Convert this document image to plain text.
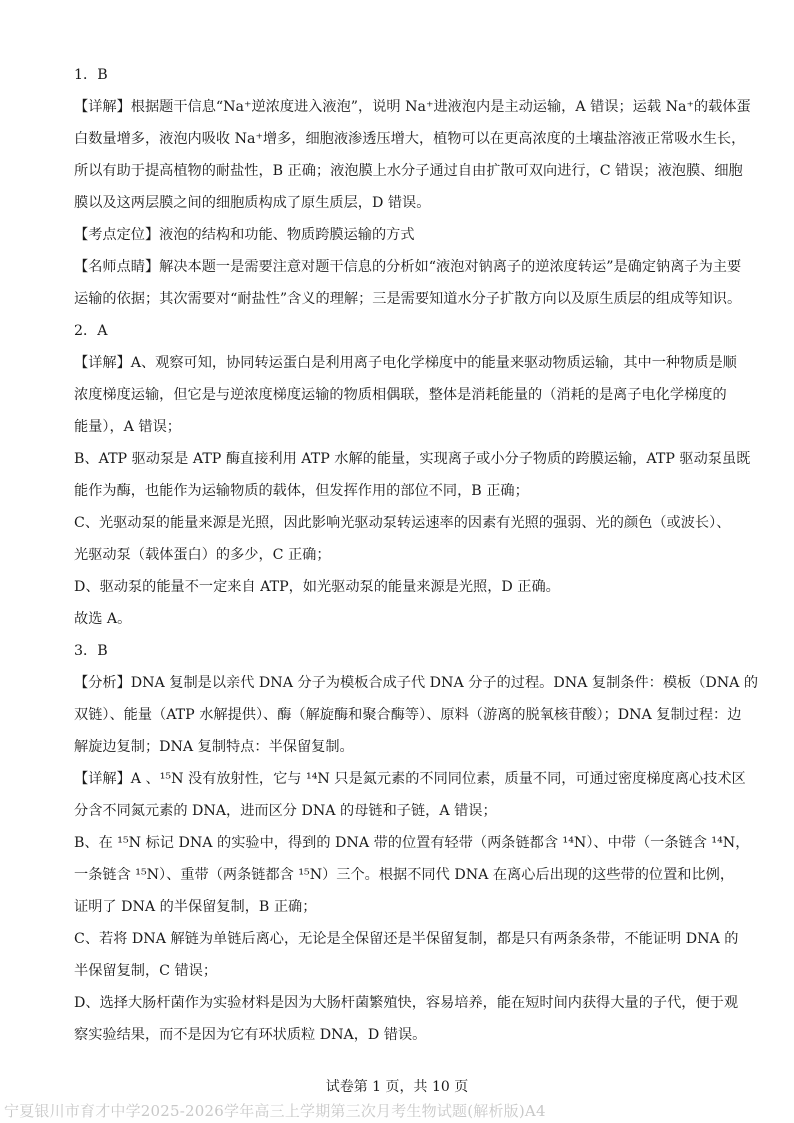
1．B

【详解】根据题干信息“Na⁺逆浓度进入液泡”，说明 Na⁺进液泡内是主动运输，A 错误；运载 Na⁺的载体蛋

白数量增多，液泡内吸收 Na⁺增多，细胞液渗透压增大，植物可以在更高浓度的土壤盐溶液正常吸水生长，

所以有助于提高植物的耐盐性，B 正确；液泡膜上水分子通过自由扩散可双向进行，C 错误；液泡膜、细胞

膜以及这两层膜之间的细胞质构成了原生质层，D 错误。

【考点定位】液泡的结构和功能、物质跨膜运输的方式

【名师点睛】解决本题一是需要注意对题干信息的分析如“液泡对钠离子的逆浓度转运”是确定钠离子为主要

运输的依据；其次需要对“耐盐性”含义的理解；三是需要知道水分子扩散方向以及原生质层的组成等知识。

2．A

【详解】A、观察可知，协同转运蛋白是利用离子电化学梯度中的能量来驱动物质运输，其中一种物质是顺

浓度梯度运输，但它是与逆浓度梯度运输的物质相偶联，整体是消耗能量的（消耗的是离子电化学梯度的

能量），A 错误；

B、ATP 驱动泵是 ATP 酶直接利用 ATP 水解的能量，实现离子或小分子物质的跨膜运输，ATP 驱动泵虽既

能作为酶，也能作为运输物质的载体，但发挥作用的部位不同，B 正确；

C、光驱动泵的能量来源是光照，因此影响光驱动泵转运速率的因素有光照的强弱、光的颜色（或波长）、

光驱动泵（载体蛋白）的多少，C 正确；

D、驱动泵的能量不一定来自 ATP，如光驱动泵的能量来源是光照，D 正确。

故选 A。

3．B

【分析】DNA 复制是以亲代 DNA 分子为模板合成子代 DNA 分子的过程。DNA 复制条件：模板（DNA 的

双链）、能量（ATP 水解提供）、酶（解旋酶和聚合酶等）、原料（游离的脱氧核苷酸）；DNA 复制过程：边

解旋边复制；DNA 复制特点：半保留复制。

【详解】A 、¹⁵N 没有放射性，它与 ¹⁴N 只是氮元素的不同同位素，质量不同，可通过密度梯度离心技术区

分含不同氮元素的 DNA，进而区分 DNA 的母链和子链，A 错误；

B、在 ¹⁵N 标记 DNA 的实验中，得到的 DNA 带的位置有轻带（两条链都含 ¹⁴N）、中带（一条链含 ¹⁴N，

一条链含 ¹⁵N）、重带（两条链都含 ¹⁵N）三个。根据不同代 DNA 在离心后出现的这些带的位置和比例，

证明了 DNA 的半保留复制，B 正确；

C、若将 DNA 解链为单链后离心，无论是全保留还是半保留复制，都是只有两条条带，不能证明 DNA 的

半保留复制，C 错误；

D、选择大肠杆菌作为实验材料是因为大肠杆菌繁殖快，容易培养，能在短时间内获得大量的子代，便于观

察实验结果，而不是因为它有环状质粒 DNA，D 错误。

试卷第 1 页，共 10 页
宁夏银川市育才中学2025-2026学年高三上学期第三次月考生物试题(解析版)A4
